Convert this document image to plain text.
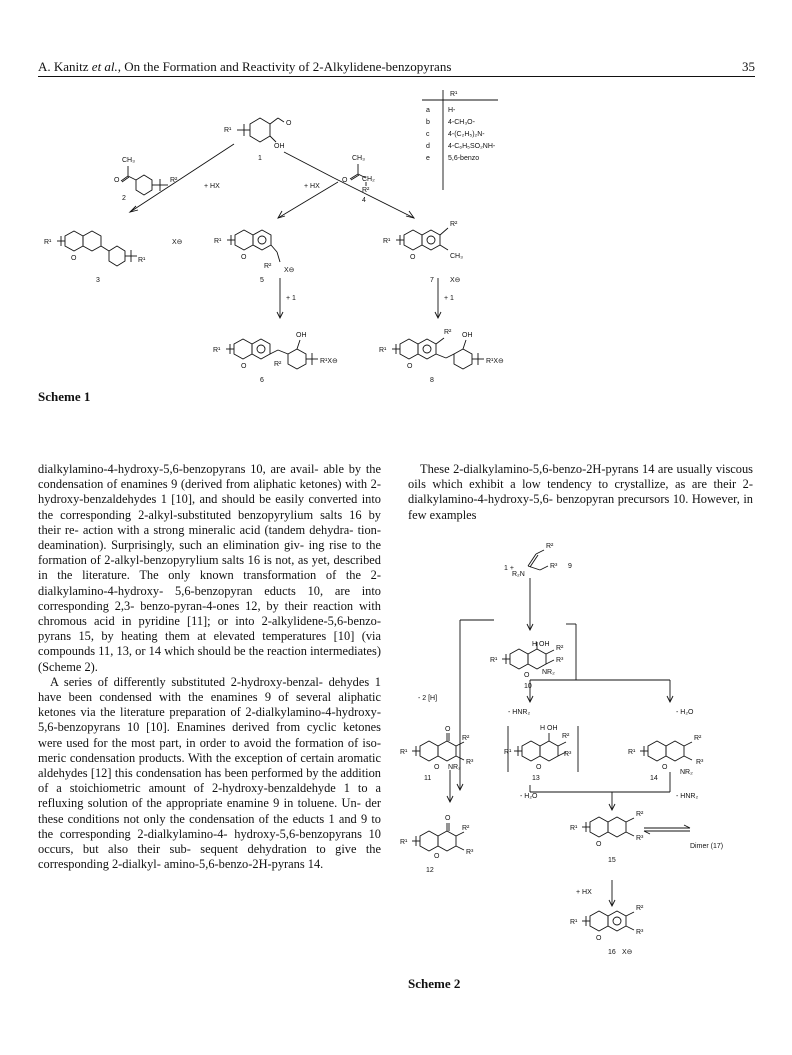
A. Kanitz et al., On the Formation and Reactivity of 2-Alkylidene-benzopyrans	35
R¹
O
OH
1
CH₃
O	R²
2
+ HX	+ HX
CH₃
O CH₂
R²
4
R¹
O
X⊖
R¹
3
R¹
O
R²
X⊖
5
R¹
O
R²
CH₃
X⊖
7
+ 1	+ 1
R¹
O
OH
R²	R¹X⊖
6
R¹
O
R² OH
R¹X⊖
8
R¹
a	H-
b	4-CH₃O-
c	4-(C₂H₅)₂N-
d	4-C₆H₅SO₂NH-
e	5,6-benzo
Scheme 1

dialkylamino-4-hydroxy-5,6-benzopyrans 10, are avail- able by the condensation of enamines 9 (derived from aliphatic ketones) with 2-hydroxy-benzaldehydes 1 [10], and should be easily converted into the corresponding 2-alkyl-substituted benzopyrylium salts 16 by their re- action with a strong mineralic acid (tandem dehydra- tion-deamination). Surprisingly, such an elimination giv- ing rise to the formation of 2-alkyl-benzopyrylium salts 16 is not, as yet, described in the literature. The only known transformation of the 2-dialkylamino-4-hydroxy- 5,6-benzopyran educts 10, are into corresponding 2,3- benzo-pyran-4-ones 12, by their reaction with chromous acid in pyridine [11]; or into 2-alkylidene-5,6-benzo- pyrans 15, by heating them at elevated temperatures [10] (via compounds 11, 13, or 14 which should be the reaction intermediates) (Scheme 2).

A series of differently substituted 2-hydroxy-benzal- dehydes 1 have been condensed with the enamines 9 of several aliphatic ketones via the literature preparation of 2-dialkylamino-4-hydroxy-5,6-benzopyrans 10 [10]. Enamines derived from cyclic ketones were used for the most part, in order to avoid the formation of iso- meric condensation products. With the exception of certain aromatic aldehydes [12] this condensation has been performed by the addition of a stoichiometric amount of 2-hydroxy-benzaldehyde 1 to a refluxing solution of the appropriate enamine 9 in toluene. Un- der these conditions not only the condensation of the educts 1 and 9 to the corresponding 2-dialkylamino-4- hydroxy-5,6-benzopyrans 10 occurs, but also their sub- sequent dehydration to give the corresponding 2-dialkyl- amino-5,6-benzo-2H-pyrans 14.

These 2-dialkylamino-5,6-benzo-2H-pyrans 14 are usually viscous oils which exhibit a low tendency to crystallize, as are their 2-dialkylamino-4-hydroxy-5,6- benzopyran precursors 10. However, in few examples

1 +
R₂N
R²
R³ 9
H OH
R¹
R²
R³
O NR₂
10
- 2 [H]
- HNR₂	- H₂O
O
R¹
R²
R³
O NR₂
11
H OH
R¹
R²
R³
O
13
R¹
R²
R³
O
NR₂
14
- H₂O	- HNR₂
O
R¹
R²
R³
O
12
R¹
R²
R³
O	Dimer (17)
15
+ HX
R¹
R²
R³
O
16 X⊖
Scheme 2
